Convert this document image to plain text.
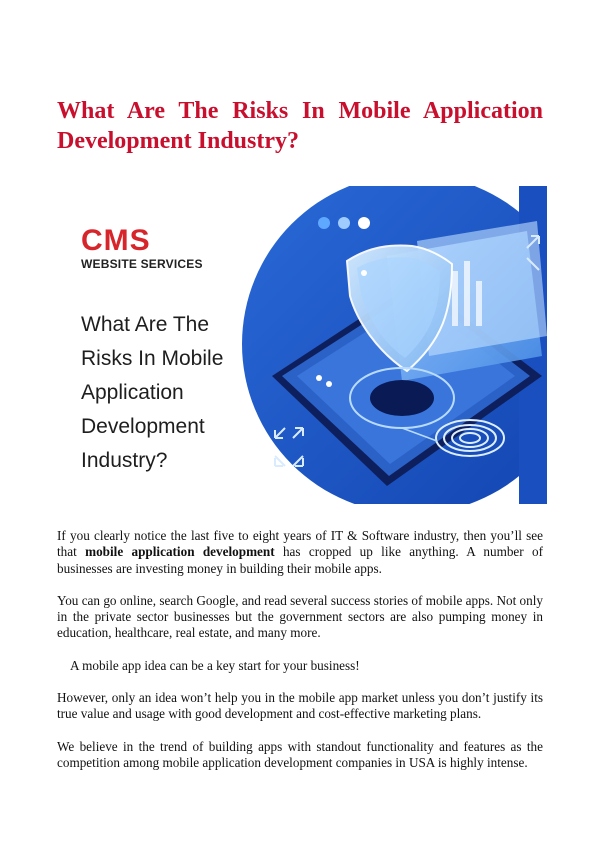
What Are The Risks In Mobile Application Development Industry?
CMS
WEBSITE SERVICES
What Are The
Risks In Mobile
Application
Development
Industry?

If you clearly notice the last five to eight years of IT & Software industry, then you’ll see that mobile application development has cropped up like anything. A number of businesses are investing money in building their mobile apps.

You can go online, search Google, and read several success stories of mobile apps. Not only in the private sector businesses but the government sectors are also pumping money in education, healthcare, real estate, and many more.

A mobile app idea can be a key start for your business!

However, only an idea won’t help you in the mobile app market unless you don’t justify its true value and usage with good development and cost-effective marketing plans.

We believe in the trend of building apps with standout functionality and features as the competition among mobile application development companies in USA is highly intense.
